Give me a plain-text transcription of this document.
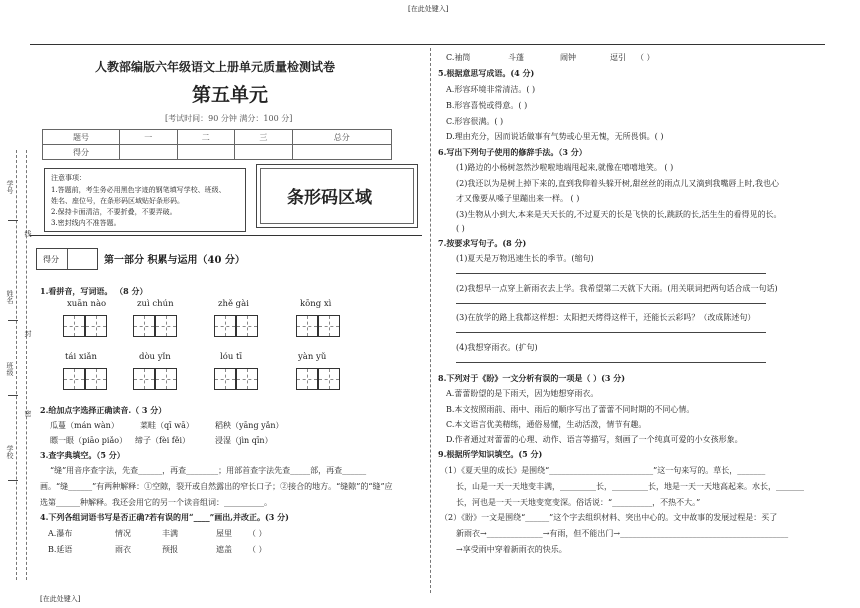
[在此处键入]
[在此处键入]
学号
线
姓名
封
班级
密
学校
人教部编版六年级语文上册单元质量检测试卷
第五单元
[考试时间：90 分钟 满分：100 分]
题号	一	二	三	总分
得分				
注意事项：
1.答题前，考生务必用黑色字迹的钢笔填写学校、班级、
姓名、座位号，在条形码区域贴好条形码。
2.保持卡面清洁，不要折叠，不要弄破。
3.密封线内不准答题。
条形码区域
得分	第一部分 积累与运用（40 分）
1.看拼音，写词语。 （8 分）
xuān nào	zuì chún	zhě gài	kōng xì
tái xiǎn	dòu yǐn	lóu tī	yàn yǔ
2.给加点字选择正确读音.（ 3 分）
瓜蔓（mán wàn）	菜畦（qī wā）	稻秧（yāng yǎn）
瞟一眼（piāo piǎo） 缔子（fèi fěi）	浸湿（jìn qīn）
3.查字典填空。（5 分）
“缝”用音序查字法，先查______，再查________；用部首查字法先查_____部，再查______
画。“缝______”有两种解释：①空隙，裂开或自然露出的窄长口子；②接合的地方。“缝隙”的“缝”应
选第______种解释。我还会用它的另一个读音组词：__________。
4.下列各组词语书写是否正确?若有误的用“____”画出,并改正。(3 分)
A.瀑布	情况	丰满	屋里 （ ）
B.延语	雨衣	预报	遮盖 （ ）
C.袖筒	斗蓬	闹钟	逗引 （ ）
5.根据意思写成语。(4 分)
A.形容环境非常清洁。( )
B.形容喜悦或得意。( )
C.形容很满。( )
D.理由充分，因而说话做事有气势或心里无愧，无所畏惧。( )
6.写出下列句子使用的修辞手法。（3 分）
(1)路边的小杨树忽然沙啦啦地端甩起来,就像在嘻嘻地笑。 ( )
(2)我还以为是树上掉下来的,直到我仰着头躲开树,甜丝丝的雨点儿又滴到我嘴唇上时,我也心
才又像要从嗓子里蹦出来一样。 ( )
(3)生物从小到大,本来是天天长的,不过夏天的长是飞快的长,跳跃的长,活生生的看得见的长。
( )
7.按要求写句子。(8 分)
(1)夏天是万物迅速生长的季节。(缩句)
(2)我想早一点穿上新雨衣去上学。我希望第二天就下大雨。(用关联词把两句话合成一句话)
(3)在放学的路上我都这样想：太阳把天烤得这样干，还能长云彩吗？（改成陈述句）
(4)我想穿雨衣。(扩句)
8.下列对于《盼》一文分析有误的一项是（ ）(3 分)
A.蕾蕾盼望的是下雨天，因为她想穿雨衣。
B.本文按照雨前、雨中、雨后的顺序写出了蕾蕾不同时期的不同心情。
C.本文语言优美精练，通俗易懂，生动活泼，情节有趣。
D.作者通过对蕾蕾的心理、动作、语言等描写，刻画了一个纯真可爱的小女孩形象。
9.根据所学知识填空。(5 分)
（1）《夏天里的成长》是围绕“__________________________”这一句来写的。草长，_______
长，山是一天一天地变丰满，_________长，_________长，地是一天一天地高起来。水长，_______
长，河也是一天一天地变宽变深。俗话说：“__________，不热不大。”
（2）《盼》一文是围绕“______”这个字去组织材料、突出中心的。文中故事的发展过程是：买了
新雨衣→______________→有雨，但不能出门→__________________________________________
→享受雨中穿着新雨衣的快乐。
